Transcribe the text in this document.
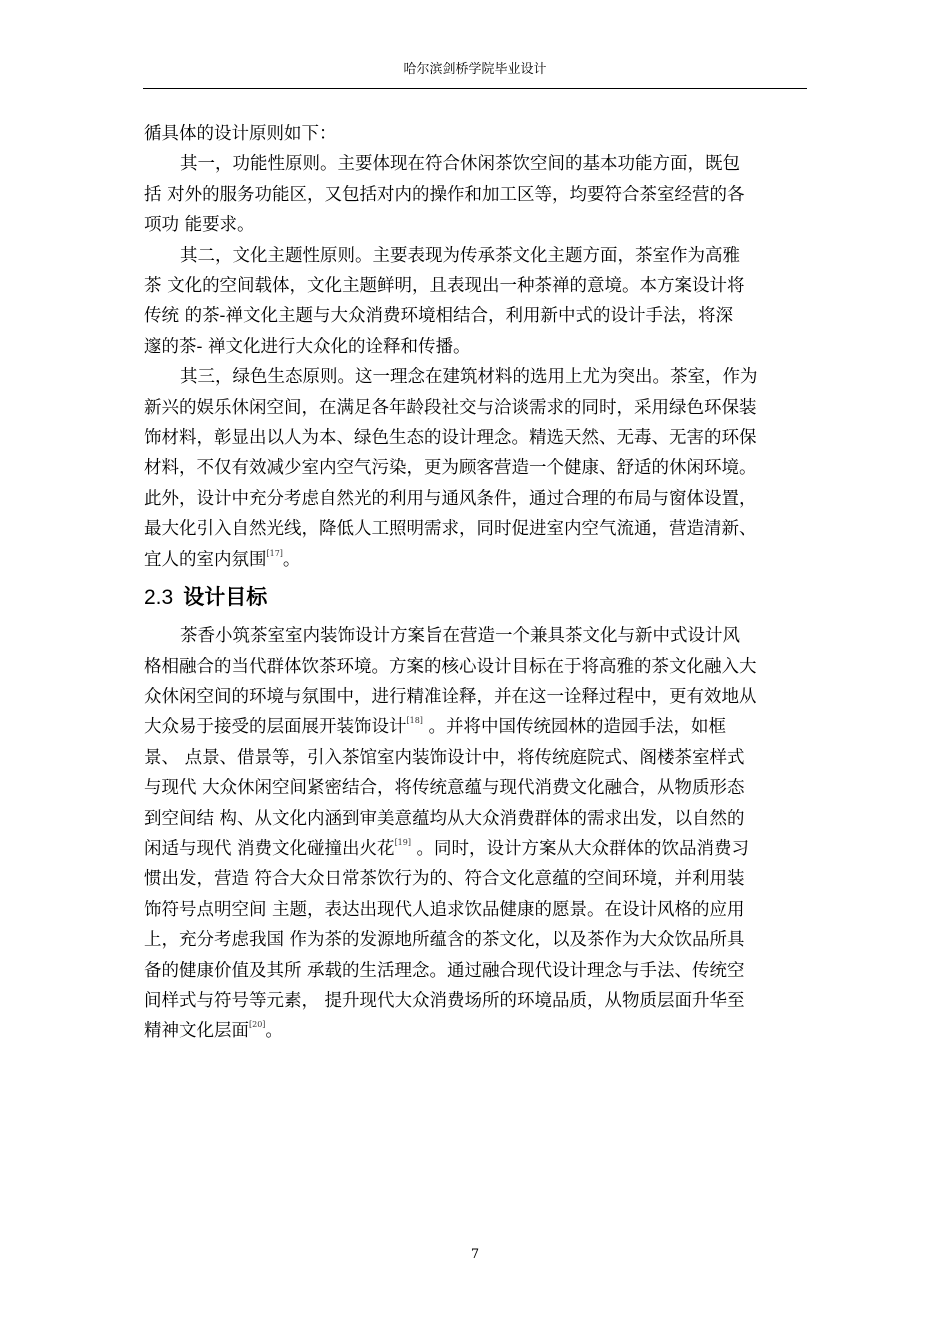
哈尔滨剑桥学院毕业设计

循具体的设计原则如下：

其一，功能性原则。主要体现在符合休闲茶饮空间的基本功能方面，既包
括 对外的服务功能区，又包括对内的操作和加工区等，均要符合茶室经营的各
项功 能要求。

其二，文化主题性原则。主要表现为传承茶文化主题方面，茶室作为高雅
茶 文化的空间载体，文化主题鲜明，且表现出一种茶禅的意境。本方案设计将
传统 的茶-禅文化主题与大众消费环境相结合，利用新中式的设计手法，将深
邃的茶- 禅文化进行大众化的诠释和传播。

其三，绿色生态原则。这一理念在建筑材料的选用上尤为突出。茶室，作为
新兴的娱乐休闲空间，在满足各年龄段社交与洽谈需求的同时，采用绿色环保装
饰材料，彰显出以人为本、绿色生态的设计理念。精选天然、无毒、无害的环保
材料，不仅有效减少室内空气污染，更为顾客营造一个健康、舒适的休闲环境。
此外，设计中充分考虑自然光的利用与通风条件，通过合理的布局与窗体设置，
最大化引入自然光线，降低人工照明需求，同时促进室内空气流通，营造清新、

宜人的室内氛围[17]。

2.3 设计目标

茶香小筑茶室室内装饰设计方案旨在营造一个兼具茶文化与新中式设计风
格相融合的当代群体饮茶环境。方案的核心设计目标在于将高雅的茶文化融入大
众休闲空间的环境与氛围中，进行精准诠释，并在这一诠释过程中，更有效地从
大众易于接受的层面展开装饰设计[18] 。并将中国传统园林的造园手法，如框
景、 点景、借景等，引入茶馆室内装饰设计中，将传统庭院式、阁楼茶室样式
与现代 大众休闲空间紧密结合，将传统意蕴与现代消费文化融合，从物质形态
到空间结 构、从文化内涵到审美意蕴均从大众消费群体的需求出发，以自然的
闲适与现代 消费文化碰撞出火花[19] 。同时，设计方案从大众群体的饮品消费习
惯出发，营造 符合大众日常茶饮行为的、符合文化意蕴的空间环境，并利用装
饰符号点明空间 主题，表达出现代人追求饮品健康的愿景。在设计风格的应用
上，充分考虑我国 作为茶的发源地所蕴含的茶文化，以及茶作为大众饮品所具
备的健康价值及其所 承载的生活理念。通过融合现代设计理念与手法、传统空
间样式与符号等元素， 提升现代大众消费场所的环境品质，从物质层面升华至
精神文化层面[20]。

7
